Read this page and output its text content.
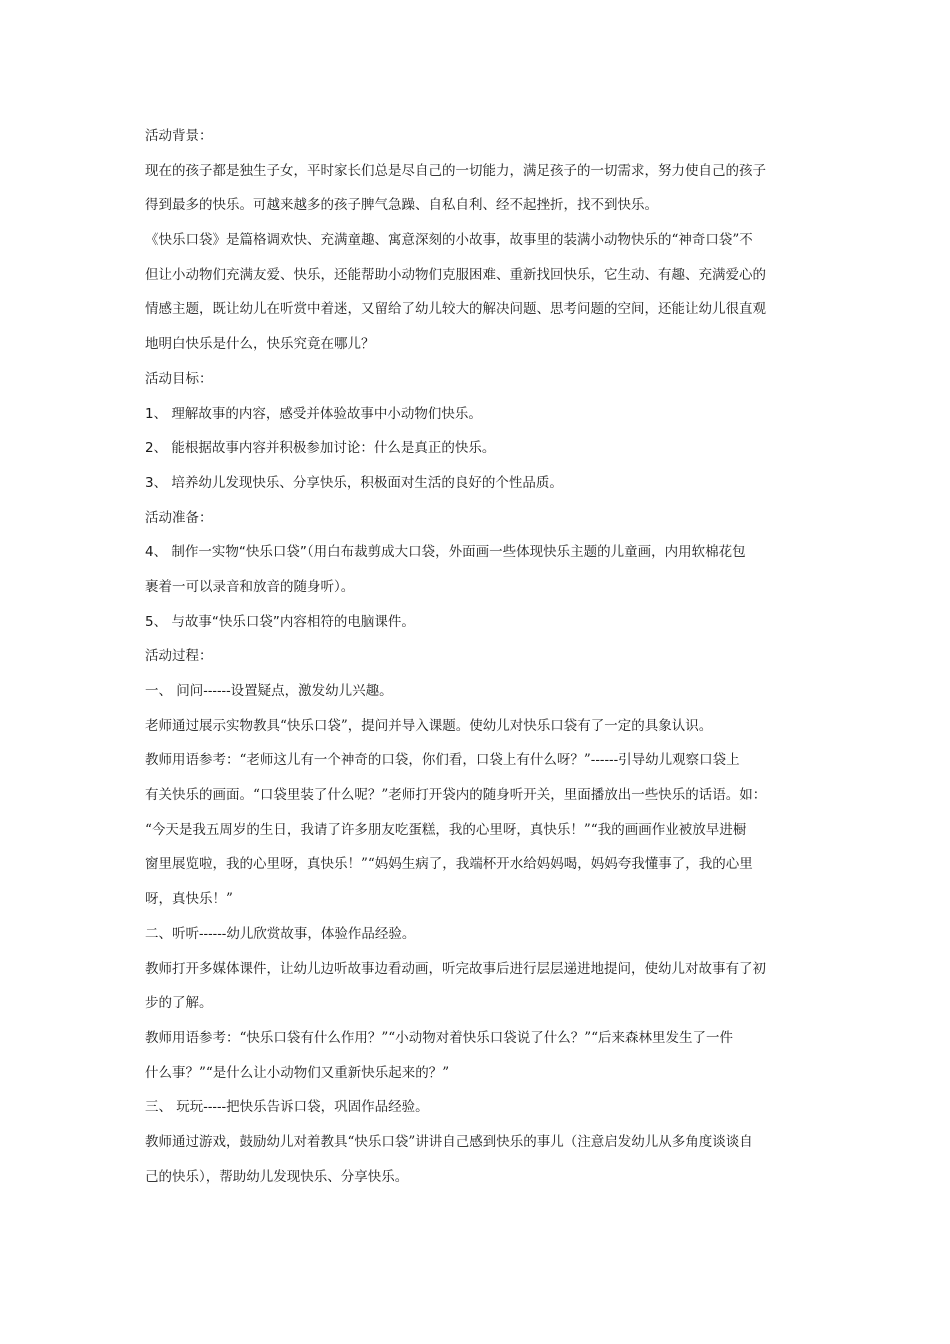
活动背景：
现在的孩子都是独生子女，平时家长们总是尽自己的一切能力，满足孩子的一切需求，努力使自己的孩子
得到最多的快乐。可越来越多的孩子脾气急躁、自私自利、经不起挫折，找不到快乐。
《快乐口袋》是篇格调欢快、充满童趣、寓意深刻的小故事，故事里的装满小动物快乐的“神奇口袋”不
但让小动物们充满友爱、快乐，还能帮助小动物们克服困难、重新找回快乐，它生动、有趣、充满爱心的
情感主题，既让幼儿在听赏中着迷，又留给了幼儿较大的解决问题、思考问题的空间，还能让幼儿很直观
地明白快乐是什么，快乐究竟在哪儿？
活动目标：
1、 理解故事的内容，感受并体验故事中小动物们快乐。
2、 能根据故事内容并积极参加讨论：什么是真正的快乐。
3、 培养幼儿发现快乐、分享快乐，积极面对生活的良好的个性品质。
活动准备：
4、 制作一实物“快乐口袋”（用白布裁剪成大口袋，外面画一些体现快乐主题的儿童画，内用软棉花包
裹着一可以录音和放音的随身听）。
5、 与故事“快乐口袋”内容相符的电脑课件。
活动过程：
一、 问问------设置疑点，激发幼儿兴趣。
老师通过展示实物教具“快乐口袋”，提问并导入课题。使幼儿对快乐口袋有了一定的具象认识。
教师用语参考：“老师这儿有一个神奇的口袋，你们看，口袋上有什么呀？”------引导幼儿观察口袋上
有关快乐的画面。“口袋里装了什么呢？”老师打开袋内的随身听开关，里面播放出一些快乐的话语。如：
“今天是我五周岁的生日，我请了许多朋友吃蛋糕，我的心里呀，真快乐！”“我的画画作业被放早进橱
窗里展览啦，我的心里呀，真快乐！”“妈妈生病了，我端杯开水给妈妈喝，妈妈夸我懂事了，我的心里
呀，真快乐！”
二、听听------幼儿欣赏故事，体验作品经验。
教师打开多媒体课件，让幼儿边听故事边看动画，听完故事后进行层层递进地提问，使幼儿对故事有了初
步的了解。
教师用语参考：“快乐口袋有什么作用？”“小动物对着快乐口袋说了什么？”“后来森林里发生了一件
什么事？”“是什么让小动物们又重新快乐起来的？”
三、 玩玩-----把快乐告诉口袋，巩固作品经验。
教师通过游戏，鼓励幼儿对着教具“快乐口袋”讲讲自己感到快乐的事儿（注意启发幼儿从多角度谈谈自
己的快乐），帮助幼儿发现快乐、分享快乐。
